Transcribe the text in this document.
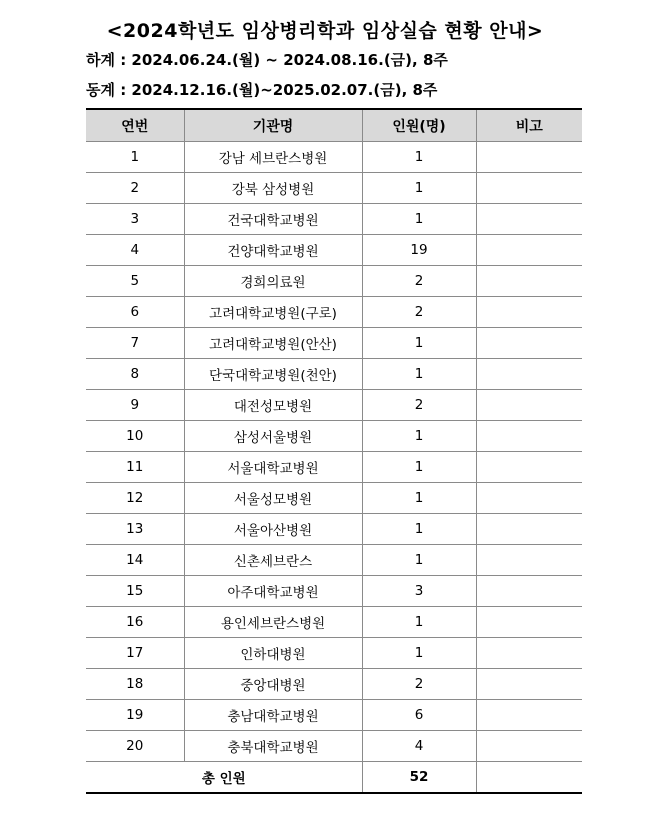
<2024학년도 임상병리학과 임상실습 현황 안내>
하계 : 2024.06.24.(월) ~ 2024.08.16.(금), 8주
동계 : 2024.12.16.(월)~2025.02.07.(금), 8주
연번	기관명	인원(명)	비고
1	강남 세브란스병원	1	
2	강북 삼성병원	1	
3	건국대학교병원	1	
4	건양대학교병원	19	
5	경희의료원	2	
6	고려대학교병원(구로)	2	
7	고려대학교병원(안산)	1	
8	단국대학교병원(천안)	1	
9	대전성모병원	2	
10	삼성서울병원	1	
11	서울대학교병원	1	
12	서울성모병원	1	
13	서울아산병원	1	
14	신촌세브란스	1	
15	아주대학교병원	3	
16	용인세브란스병원	1	
17	인하대병원	1	
18	중앙대병원	2	
19	충남대학교병원	6	
20	충북대학교병원	4	
총 인원		52	
